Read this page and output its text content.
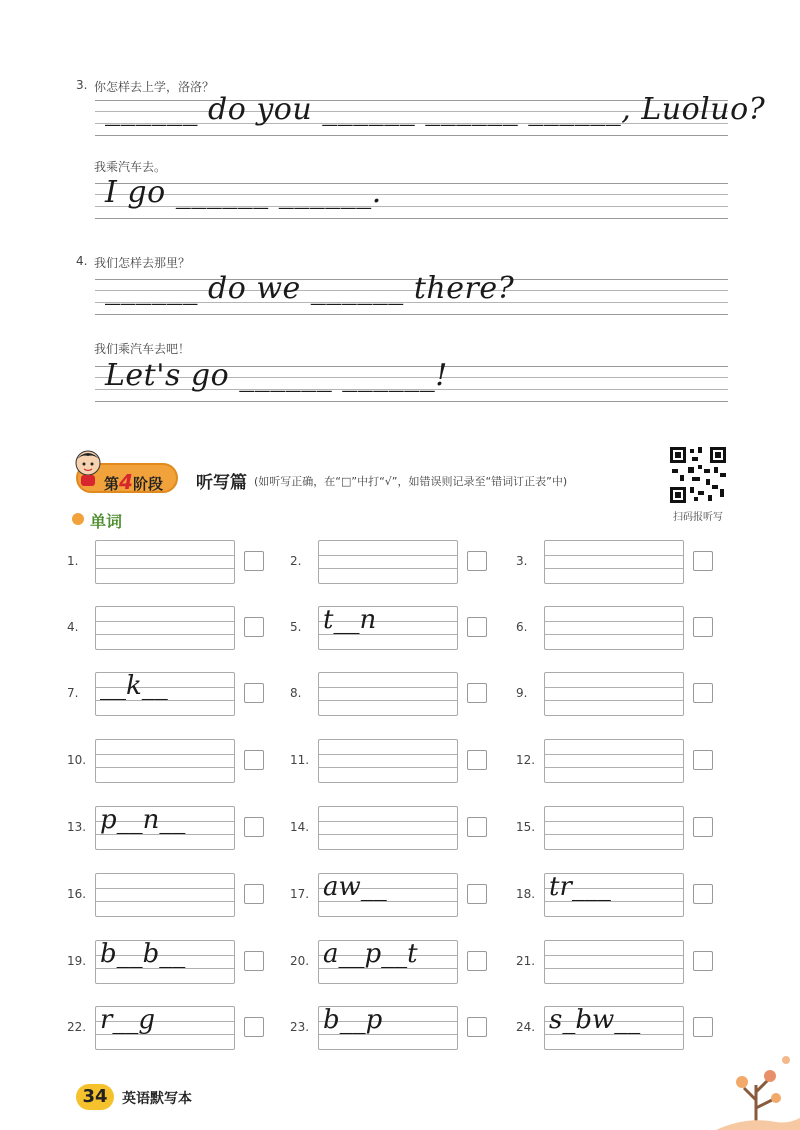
3. 你怎样去上学，洛洛？
______ do you ______ ______ ______, Luoluo?
我乘汽车去。
I go ______ ______.
4. 我们怎样去那里？
______ do we ______ there?
我们乘汽车去吧！
Let's go ______ ______!
第4阶段 听写篇 (如听写正确，在“□”中打“√”，如错误则记录至“错词订正表”中)
扫码报听写
单词
1.	2.	3.
4.	5. t__n	6.
7. __k__	8.	9.
10.	11.	12.
13. p__n__	14.	15.
16.	17. aw__	18. tr___
19. b__b__	20. a__p__t	21.
22. r__g	23. b__p	24. s_bw__
34	英语默写本
